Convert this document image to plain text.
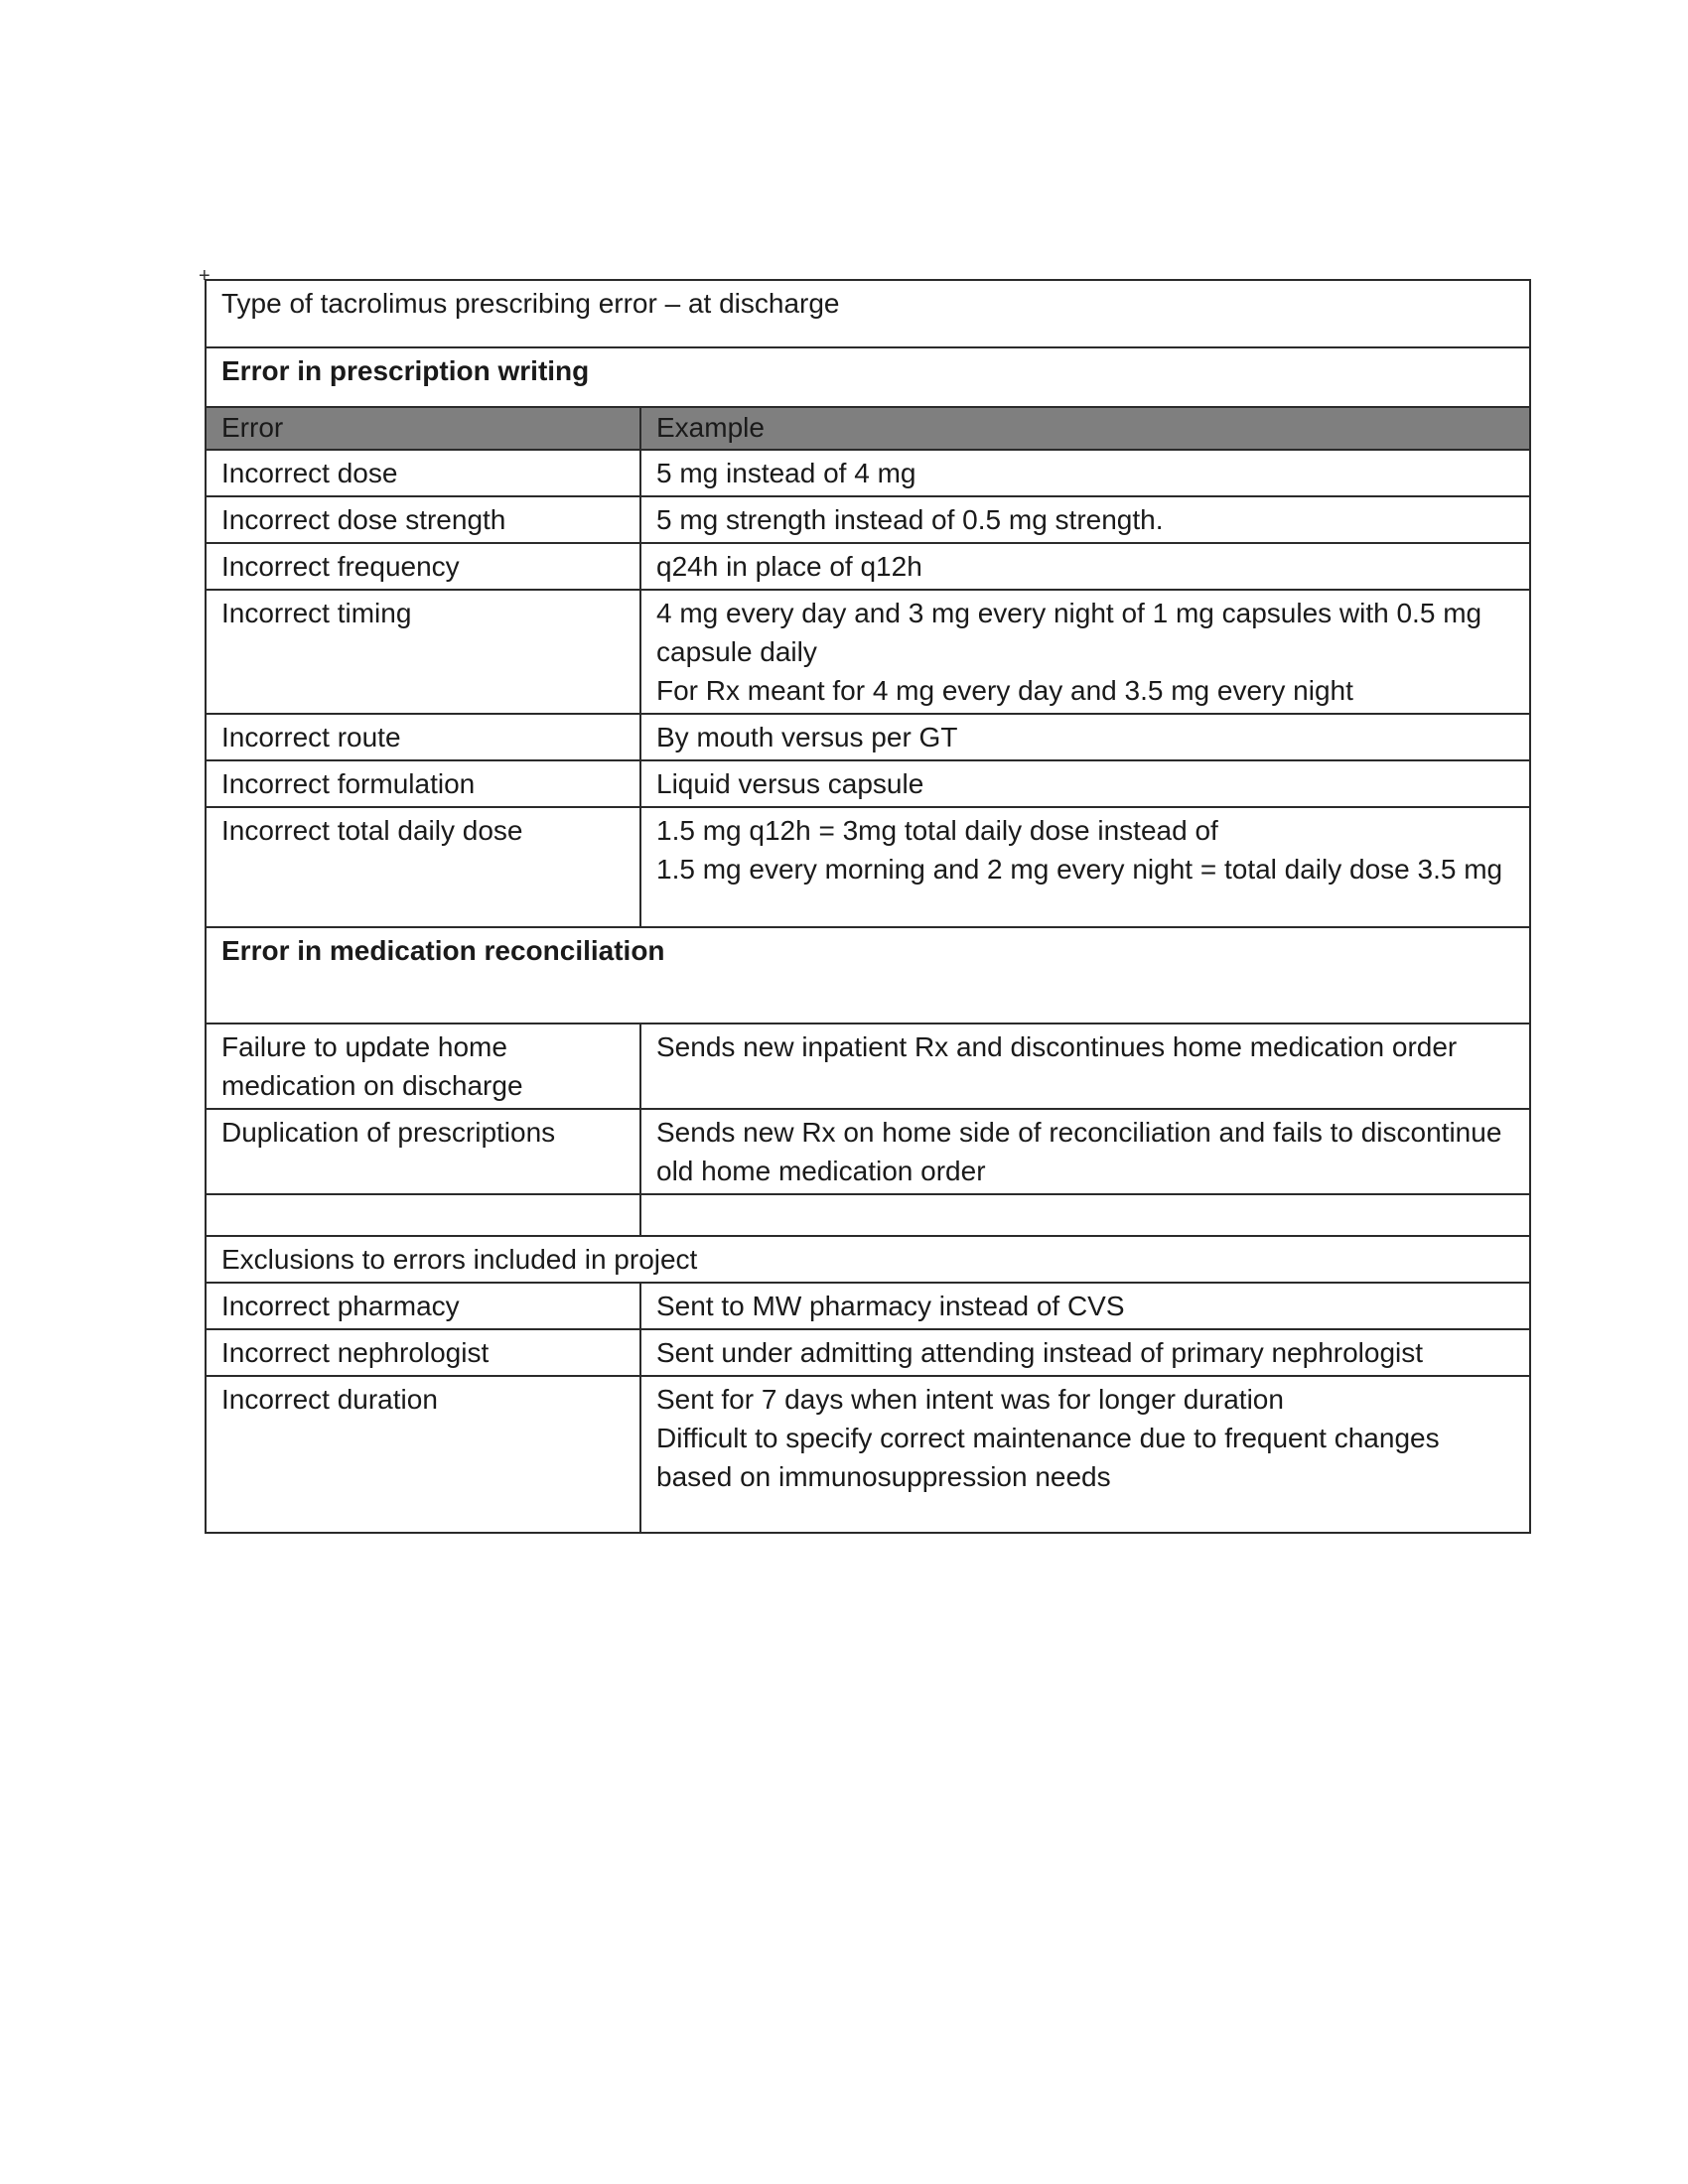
+
Type of tacrolimus prescribing error – at discharge	
Error in prescription writing	
Error	Example
Incorrect dose	5 mg instead of 4 mg

Incorrect dose strength	5 mg strength instead of 0.5 mg strength.

Incorrect frequency	q24h in place of q12h

Incorrect timing	4 mg every day and 3 mg every night of 1 mg capsules with 0.5 mg capsule daily
For Rx meant for 4 mg every day and 3.5 mg every night

Incorrect route	By mouth versus per GT

Incorrect formulation	Liquid versus capsule

Incorrect total daily dose	1.5 mg q12h = 3mg total daily dose instead of
1.5 mg every morning and 2 mg every night = total daily dose 3.5 mg

Error in medication reconciliation	
Failure to update home medication on discharge	Sends new inpatient Rx and discontinues home medication order

Duplication of prescriptions	Sends new Rx on home side of reconciliation and fails to discontinue old home medication order

Exclusions to errors included in project	
Incorrect pharmacy	Sent to MW pharmacy instead of CVS

Incorrect nephrologist	Sent under admitting attending instead of primary nephrologist

Incorrect duration	Sent for 7 days when intent was for longer duration
Difficult to specify correct maintenance due to frequent changes based on immunosuppression needs
